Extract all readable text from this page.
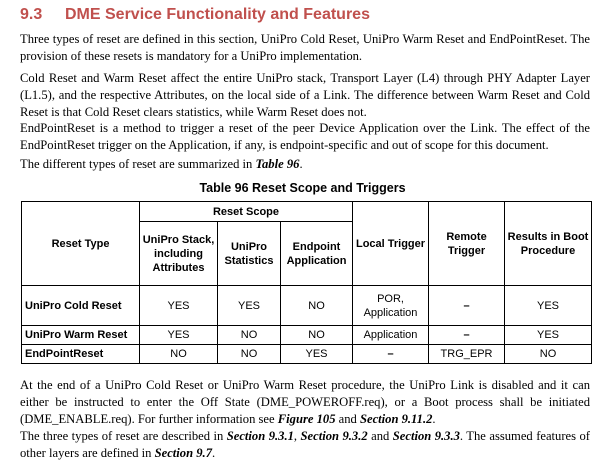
9.3 DME Service Functionality and Features

Three types of reset are defined in this section, UniPro Cold Reset, UniPro Warm Reset and EndPointReset. The provision of these resets is mandatory for a UniPro implementation.

Cold Reset and Warm Reset affect the entire UniPro stack, Transport Layer (L4) through PHY Adapter Layer (L1.5), and the respective Attributes, on the local side of a Link. The difference between Warm Reset and Cold Reset is that Cold Reset clears statistics, while Warm Reset does not.

EndPointReset is a method to trigger a reset of the peer Device Application over the Link. The effect of the EndPointReset trigger on the Application, if any, is endpoint-specific and out of scope for this document.

The different types of reset are summarized in Table 96.

Table 96 Reset Scope and Triggers
Reset Type	Reset Scope			Local Trigger	Remote Trigger	Results in Boot Procedure
	UniPro Stack, including Attributes	UniPro Statistics	Endpoint Application			
UniPro Cold Reset	YES	YES	NO	POR, Application	–	YES
UniPro Warm Reset	YES	NO	NO	Application	–	YES
EndPointReset	NO	NO	YES	–	TRG_EPR	NO

At the end of a UniPro Cold Reset or UniPro Warm Reset procedure, the UniPro Link is disabled and it can either be instructed to enter the Off State (DME_POWEROFF.req), or a Boot process shall be initiated (DME_ENABLE.req). For further information see Figure 105 and Section 9.11.2.

The three types of reset are described in Section 9.3.1, Section 9.3.2 and Section 9.3.3. The assumed features of other layers are defined in Section 9.7.
